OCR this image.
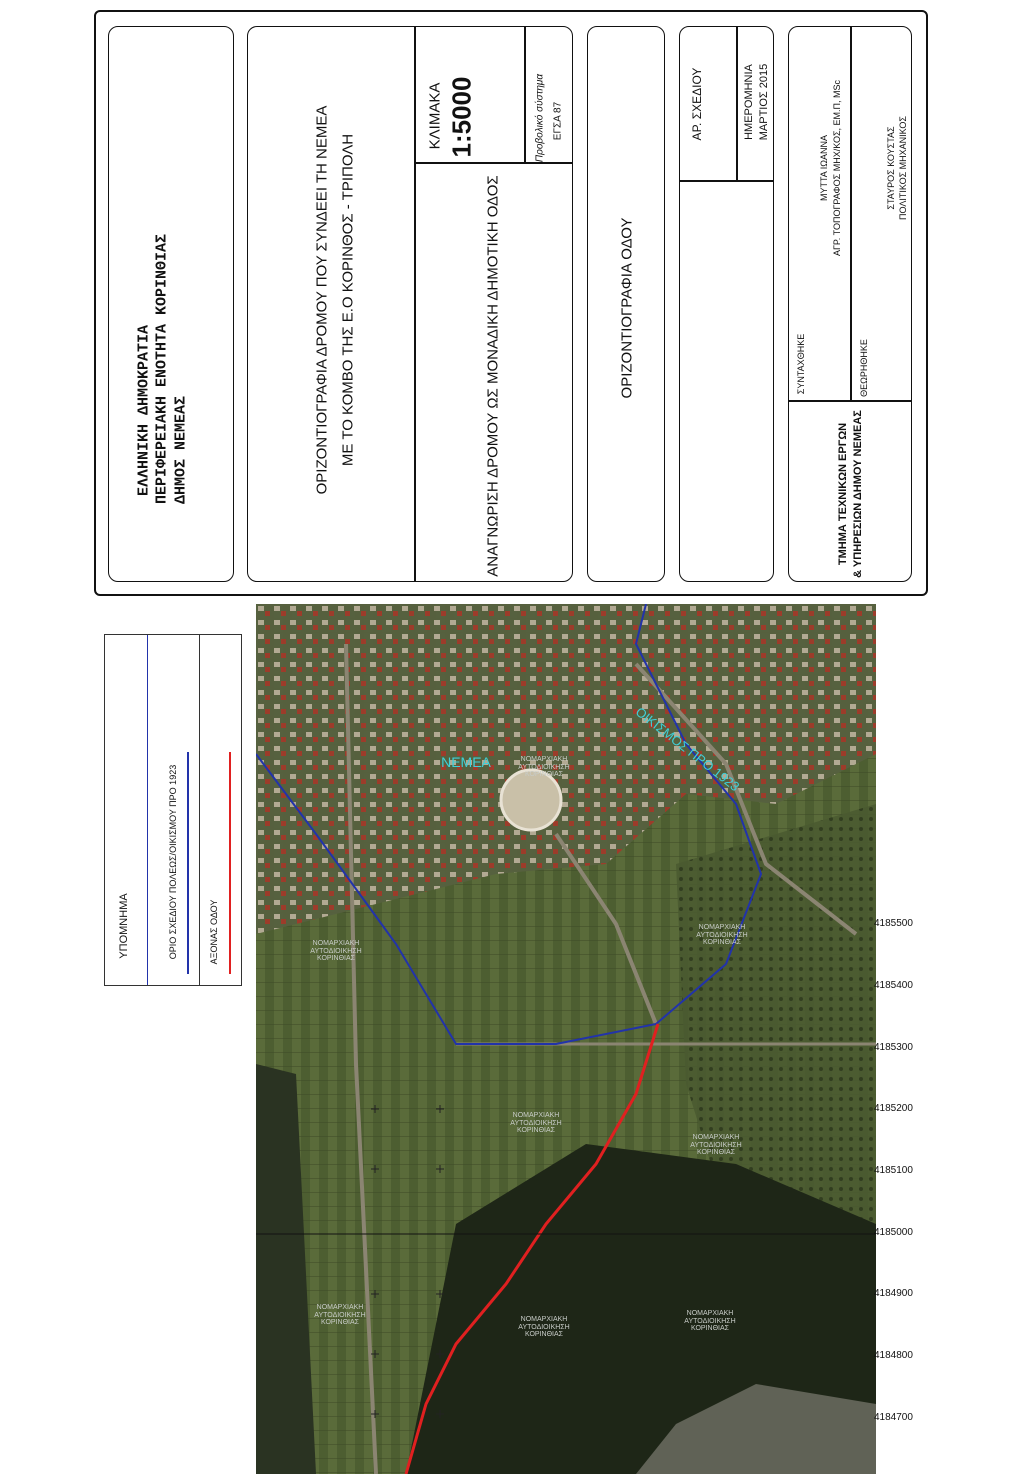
ΕΛΛΗΝΙΚΗ ΔΗΜΟΚΡΑΤΙΑ ΠΕΡΙΦΕΡΕΙΑΚΗ ΕΝΟΤΗΤΑ ΚΟΡΙΝΘΙΑΣ ΔΗΜΟΣ ΝΕΜΕΑΣ	ΟΡΙΖΟΝΤΙΟΓΡΑΦΙΑ ΔΡΟΜΟΥ ΠΟΥ ΣΥΝΔΕΕΙ ΤΗ ΝΕΜΕΑ ΜΕ ΤΟ ΚΟΜΒΟ ΤΗΣ Ε.Ο ΚΟΡΙΝΘΟΣ - ΤΡΙΠΟΛΗ	ΑΝΑΓΝΩΡΙΣΗ ΔΡΟΜΟΥ ΩΣ ΜΟΝΑΔΙΚΗ ΔΗΜΟΤΙΚΗ ΟΔΟΣ
ΚΛΙΜΑΚΑ 1:5000	Προβολικό σύστημα ΕΓΣΑ 87
ΟΡΙΖΟΝΤΙΟΓΡΑΦΙΑ ΟΔΟΥ
ΑΡ. ΣΧΕΔΙΟΥ	ΗΜΕΡΟΜΗΝΙΑ ΜΑΡΤΙΟΣ 2015
ΤΜΗΜΑ ΤΕΧΝΙΚΩΝ ΕΡΓΩΝ & ΥΠΗΡΕΣΙΩΝ ΔΗΜΟΥ ΝΕΜΕΑΣ
ΣΥΝΤΑΧΘΗΚΕ
ΜΥΤΤΑ ΙΩΑΝΝΑ ΑΓΡ. ΤΟΠΟΓΡΑΦΟΣ ΜΗΧ/ΚΟΣ, ΕΜ.Π, MSc
ΘΕΩΡΗΘΗΚΕ
ΣΤΑΥΡΟΣ ΚΟΥΣΤΑΣ ΠΟΛΙΤΙΚΟΣ ΜΗΧΑΝΙΚΟΣ
ΥΠΟΜΝΗΜΑ	ΟΡΙΟ ΣΧΕΔΙΟΥ ΠΟΛΕΩΣ/ΟΙΚΙΣΜΟΥ ΠΡΟ 1923	ΑΞΟΝΑΣ ΟΔΟΥ
ΝΕΜΕΑ	ΟΙΚΙΣΜΟΣ ΠΡΟ 1923
ΝΟΜΑΡΧΙΑΚΗ ΑΥΤΟΔΙΟΙΚΗΣΗ ΚΟΡΙΝΘΙΑΣ
ΝΟΜΑΡΧΙΑΚΗ ΑΥΤΟΔΙΟΙΚΗΣΗ ΚΟΡΙΝΘΙΑΣ
ΝΟΜΑΡΧΙΑΚΗ ΑΥΤΟΔΙΟΙΚΗΣΗ ΚΟΡΙΝΘΙΑΣ
ΝΟΜΑΡΧΙΑΚΗ ΑΥΤΟΔΙΟΙΚΗΣΗ ΚΟΡΙΝΘΙΑΣ
ΝΟΜΑΡΧΙΑΚΗ ΑΥΤΟΔΙΟΙΚΗΣΗ ΚΟΡΙΝΘΙΑΣ
ΝΟΜΑΡΧΙΑΚΗ ΑΥΤΟΔΙΟΙΚΗΣΗ ΚΟΡΙΝΘΙΑΣ	ΝΟΜΑΡΧΙΑΚΗ ΑΥΤΟΔΙΟΙΚΗΣΗ ΚΟΡΙΝΘΙΑΣ
ΝΟΜΑΡΧΙΑΚΗ ΑΥΤΟΔΙΟΙΚΗΣΗ ΚΟΡΙΝΘΙΑΣ
4185500
4185400
4185300
4185200
4185100
4185000
4184900
4184800
4184700
